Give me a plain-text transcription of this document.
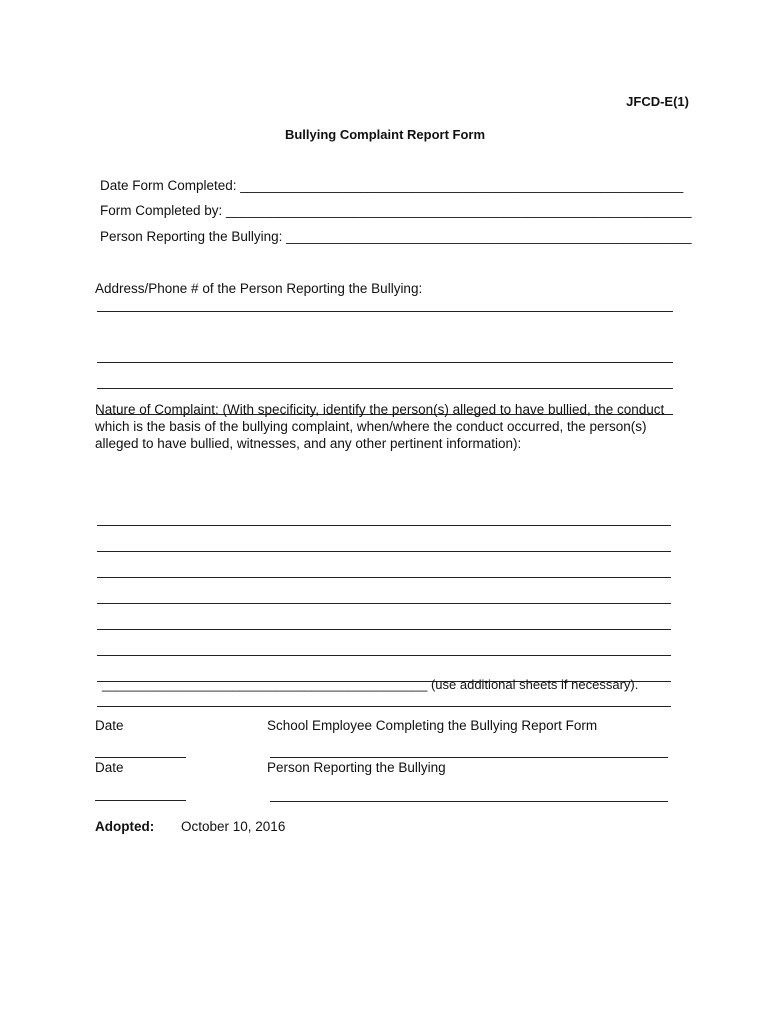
JFCD-E(1)
Bullying Complaint Report Form
Date Form Completed: ___________________________________________________________
Form Completed by: ______________________________________________________________
Person Reporting the Bullying: ______________________________________________________
Address/Phone # of the Person Reporting the Bullying:
Nature of Complaint: (With specificity, identify the person(s) alleged to have bullied, the conduct which is the basis of the bullying complaint, when/where the conduct occurred, the person(s) alleged to have bullied, witnesses, and any other pertinent information):
_____________________________________________ (use additional sheets if necessary).
Date	School Employee Completing the Bullying Report Form
Date	Person Reporting the Bullying
Adopted: October 10, 2016
